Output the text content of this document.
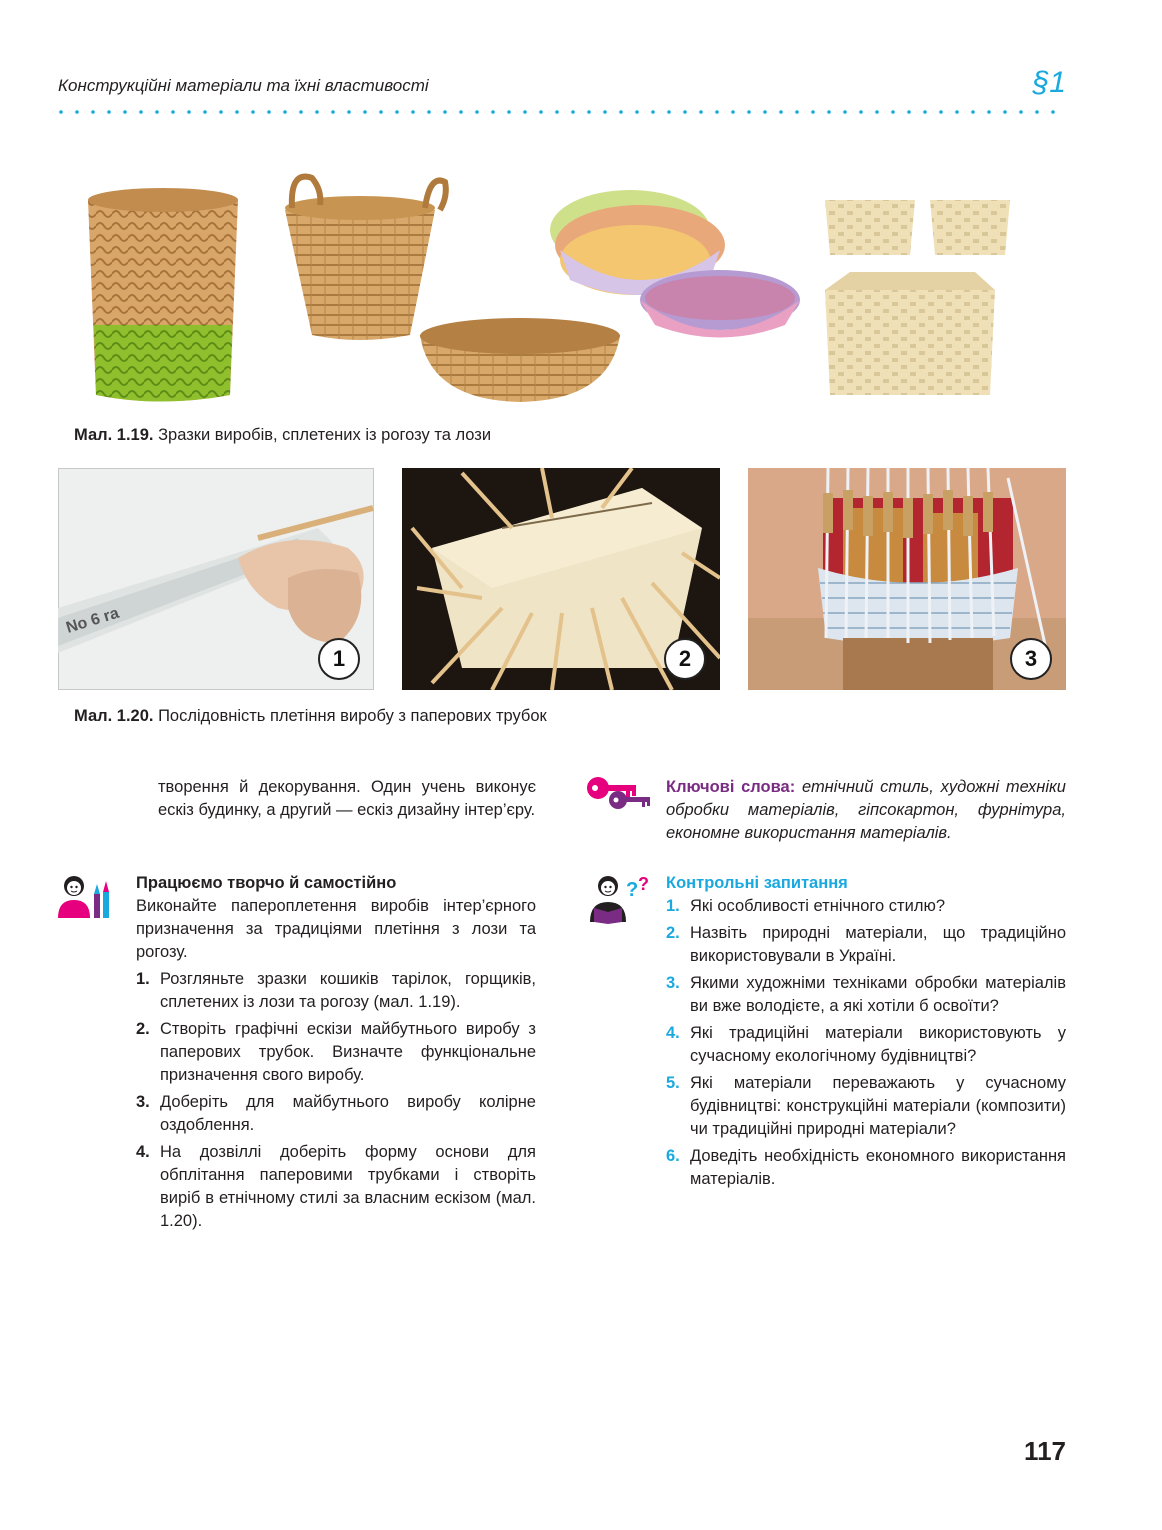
Конструкційні матеріали та їхні властивості	§1
Мал. 1.19. Зразки виробів, сплетених із рогозу та лози
No 6 ra
1	2	3
Мал. 1.20. Послідовність плетіння виробу з паперових трубок
творення й декорування. Один учень виконує ескіз будинку, а другий — ескіз дизайну інтер’єру.
Працюємо творчо й самостійно
Виконайте папероплетення виробів інтер’єрного призначення за традиціями плетіння з лози та рогозу.
1. Розгляньте зразки кошиків тарілок, горщиків, сплетених із лози та рогозу (мал. 1.19).
2. Створіть графічні ескізи майбутнього виробу з паперових трубок. Визначте функціональне призначення свого виробу.
3. Доберіть для майбутнього виробу колірне оздоблення.
4. На дозвіллі доберіть форму основи для обплітання паперовими трубками і створіть виріб в етнічному стилі за власним ескізом (мал. 1.20).
Ключові слова: етнічний стиль, художні техніки обробки матеріалів, гіпсокартон, фурнітура, економне використання матеріалів.
? ? Контрольні запитання
1. Які особливості етнічного стилю?
2. Назвіть природні матеріали, що традиційно використовували в Україні.
3. Якими художніми техніками обробки матеріалів ви вже володієте, а які хотіли б освоїти?
4. Які традиційні матеріали використовують у сучасному екологічному будівництві?
5. Які матеріали переважають у сучасному будівництві: конструкційні матеріали (композити) чи традиційні природні матеріали?
6. Доведіть необхідність економного використання матеріалів.
117
